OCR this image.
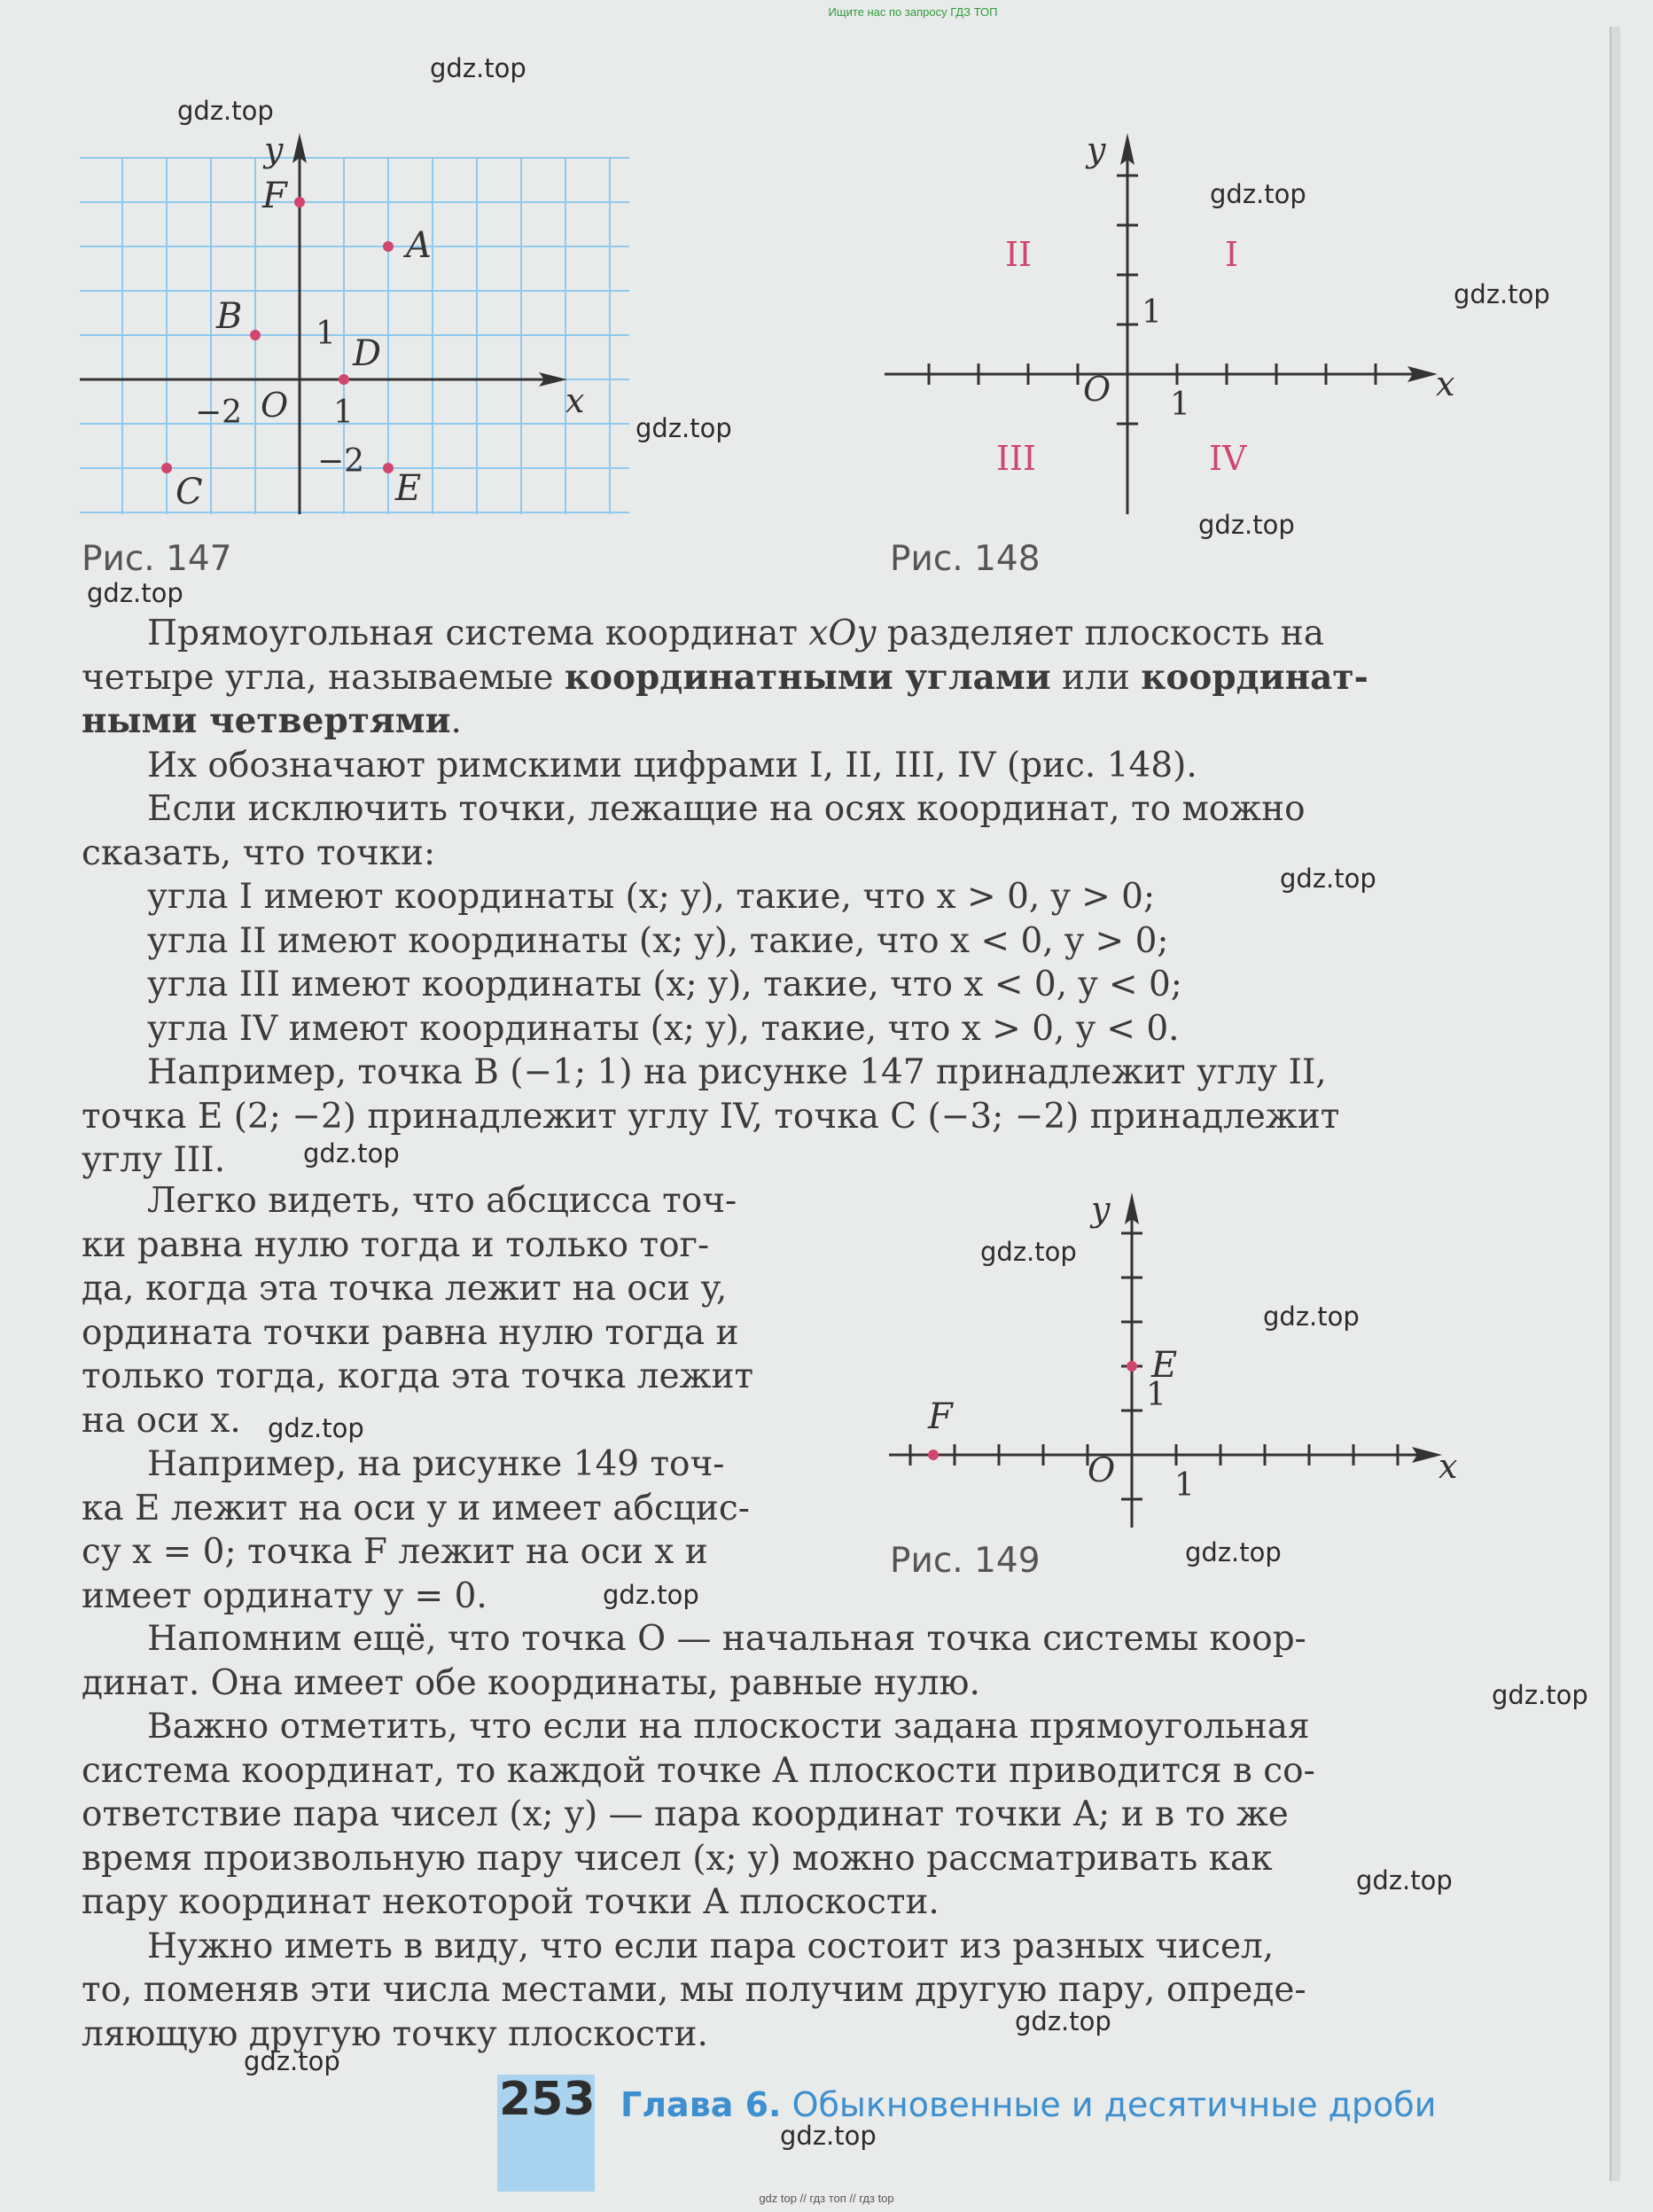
Ищите нас по запросу ГДЗ ТОП
A
B
C
D
E
F
x
y
O 1
−2
1
−2
Рис. 147
x
y
O 1
1
II	I
III	IV
Рис. 148

Прямоугольная система координат xOy разделяет плоскость на

четыре угла, называемые координатными углами или координат-

ными четвертями.

Их обозначают римскими цифрами I, II, III, IV (рис. 148).

Если исключить точки, лежащие на осях координат, то можно

сказать, что точки:

угла I имеют координаты (x; y), такие, что x > 0, y > 0;

угла II имеют координаты (x; y), такие, что x < 0, y > 0;

угла III имеют координаты (x; y), такие, что x < 0, y < 0;

угла IV имеют координаты (x; y), такие, что x > 0, y < 0.

Например, точка B (−1; 1) на рисунке 147 принадлежит углу II,

точка E (2; −2) принадлежит углу IV, точка C (−3; −2) принадлежит

углу III.

Легко видеть, что абсцисса точ-

ки равна нулю тогда и только тог-

да, когда эта точка лежит на оси y,

ордината точки равна нулю тогда и

только тогда, когда эта точка лежит

на оси x.

Например, на рисунке 149 точ-

ка E лежит на оси y и имеет абсцис-

су x = 0; точка F лежит на оси x и

имеет ординату y = 0.

E
F
x
y
O 1
1
Рис. 149

Напомним ещё, что точка O — начальная точка системы коор-

динат. Она имеет обе координаты, равные нулю.

Важно отметить, что если на плоскости задана прямоугольная

система координат, то каждой точке A плоскости приводится в со-

ответствие пара чисел (x; y) — пара координат точки A; и в то же

время произвольную пару чисел (x; y) можно рассматривать как

пару координат некоторой точки A плоскости.

Нужно иметь в виду, что если пара состоит из разных чисел,

то, поменяв эти числа местами, мы получим другую пару, опреде-

ляющую другую точку плоскости.

253 Глава 6. Обыкновенные и десятичные дроби
gdz top // гдз топ // гдз top
gdz.top
gdz.top
gdz.top
gdz.top
gdz.top
gdz.top
gdz.top
gdz.top
gdz.top
gdz.top
gdz.top
gdz.top
gdz.top
gdz.top
gdz.top
gdz.top
gdz.top
gdz.top
gdz.top
